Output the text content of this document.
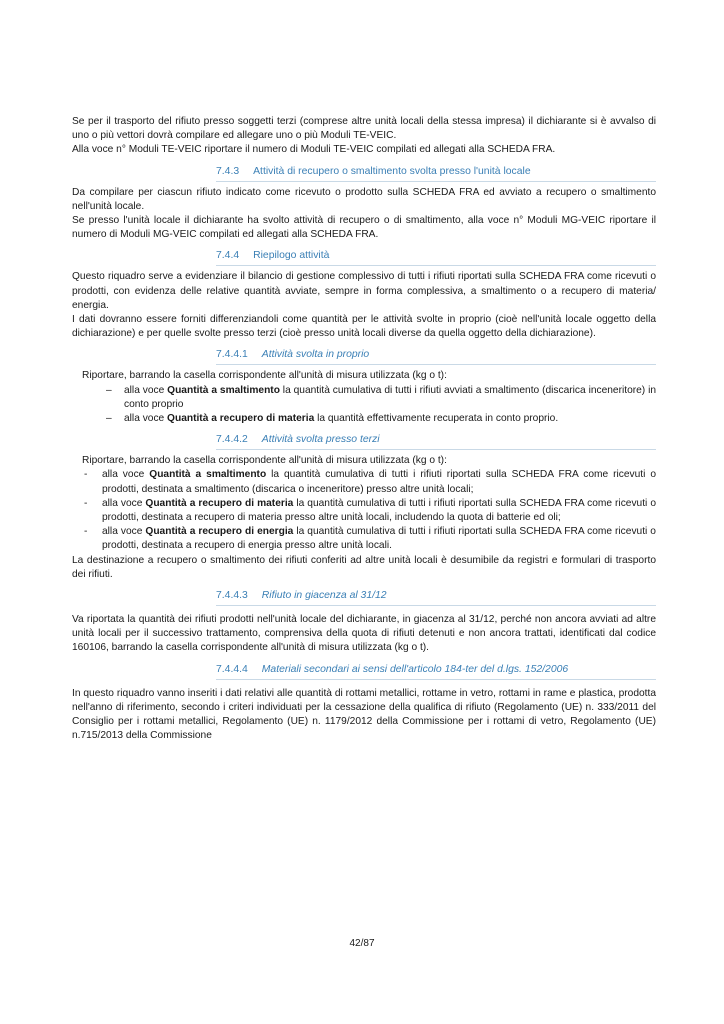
Se per il trasporto del rifiuto presso soggetti terzi (comprese altre unità locali della stessa impresa) il dichiarante si è avvalso di uno o più vettori dovrà compilare ed allegare uno o più Moduli TE-VEIC.

Alla voce n° Moduli TE-VEIC riportare il numero di Moduli TE-VEIC compilati ed allegati alla SCHEDA FRA.

7.4.3 Attività di recupero o smaltimento svolta presso l'unità locale

Da compilare per ciascun rifiuto indicato come ricevuto o prodotto sulla SCHEDA FRA ed avviato a recupero o smaltimento nell'unità locale.

Se presso l'unità locale il dichiarante ha svolto attività di recupero o di smaltimento, alla voce n° Moduli MG-VEIC riportare il numero di Moduli MG-VEIC compilati ed allegati alla SCHEDA FRA.

7.4.4 Riepilogo attività

Questo riquadro serve a evidenziare il bilancio di gestione complessivo di tutti i rifiuti riportati sulla SCHEDA FRA come ricevuti o prodotti, con evidenza delle relative quantità avviate, sempre in forma complessiva, a smaltimento o a recupero di materia/ energia.

I dati dovranno essere forniti differenziandoli come quantità per le attività svolte in proprio (cioè nell'unità locale oggetto della dichiarazione) e per quelle svolte presso terzi (cioè presso unità locali diverse da quella oggetto della dichiarazione).

7.4.4.1 Attività svolta in proprio

Riportare, barrando la casella corrispondente all'unità di misura utilizzata (kg o t):

– alla voce Quantità a smaltimento la quantità cumulativa di tutti i rifiuti avviati a smaltimento (discarica inceneritore) in conto proprio
– alla voce Quantità a recupero di materia la quantità effettivamente recuperata in conto proprio.
7.4.4.2 Attività svolta presso terzi

Riportare, barrando la casella corrispondente all'unità di misura utilizzata (kg o t):

- alla voce Quantità a smaltimento la quantità cumulativa di tutti i rifiuti riportati sulla SCHEDA FRA come ricevuti o prodotti, destinata a smaltimento (discarica o inceneritore) presso altre unità locali;
- alla voce Quantità a recupero di materia la quantità cumulativa di tutti i rifiuti riportati sulla SCHEDA FRA come ricevuti o prodotti, destinata a recupero di materia presso altre unità locali, includendo la quota di batterie ed oli;
- alla voce Quantità a recupero di energia la quantità cumulativa di tutti i rifiuti riportati sulla SCHEDA FRA come ricevuti o prodotti, destinata a recupero di energia presso altre unità locali.

La destinazione a recupero o smaltimento dei rifiuti conferiti ad altre unità locali è desumibile da registri e formulari di trasporto dei rifiuti.

7.4.4.3 Rifiuto in giacenza al 31/12

Va riportata la quantità dei rifiuti prodotti nell'unità locale del dichiarante, in giacenza al 31/12, perché non ancora avviati ad altre unità locali per il successivo trattamento, comprensiva della quota di rifiuti detenuti e non ancora trattati, identificati dal codice 160106, barrando la casella corrispondente all'unità di misura utilizzata (kg o t).

7.4.4.4 Materiali secondari ai sensi dell'articolo 184-ter del d.lgs. 152/2006

In questo riquadro vanno inseriti i dati relativi alle quantità di rottami metallici, rottame in vetro, rottami in rame e plastica, prodotta nell'anno di riferimento, secondo i criteri individuati per la cessazione della qualifica di rifiuto (Regolamento (UE) n. 333/2011 del Consiglio per i rottami metallici, Regolamento (UE) n. 1179/2012 della Commissione per i rottami di vetro, Regolamento (UE) n.715/2013 della Commissione

42/87
